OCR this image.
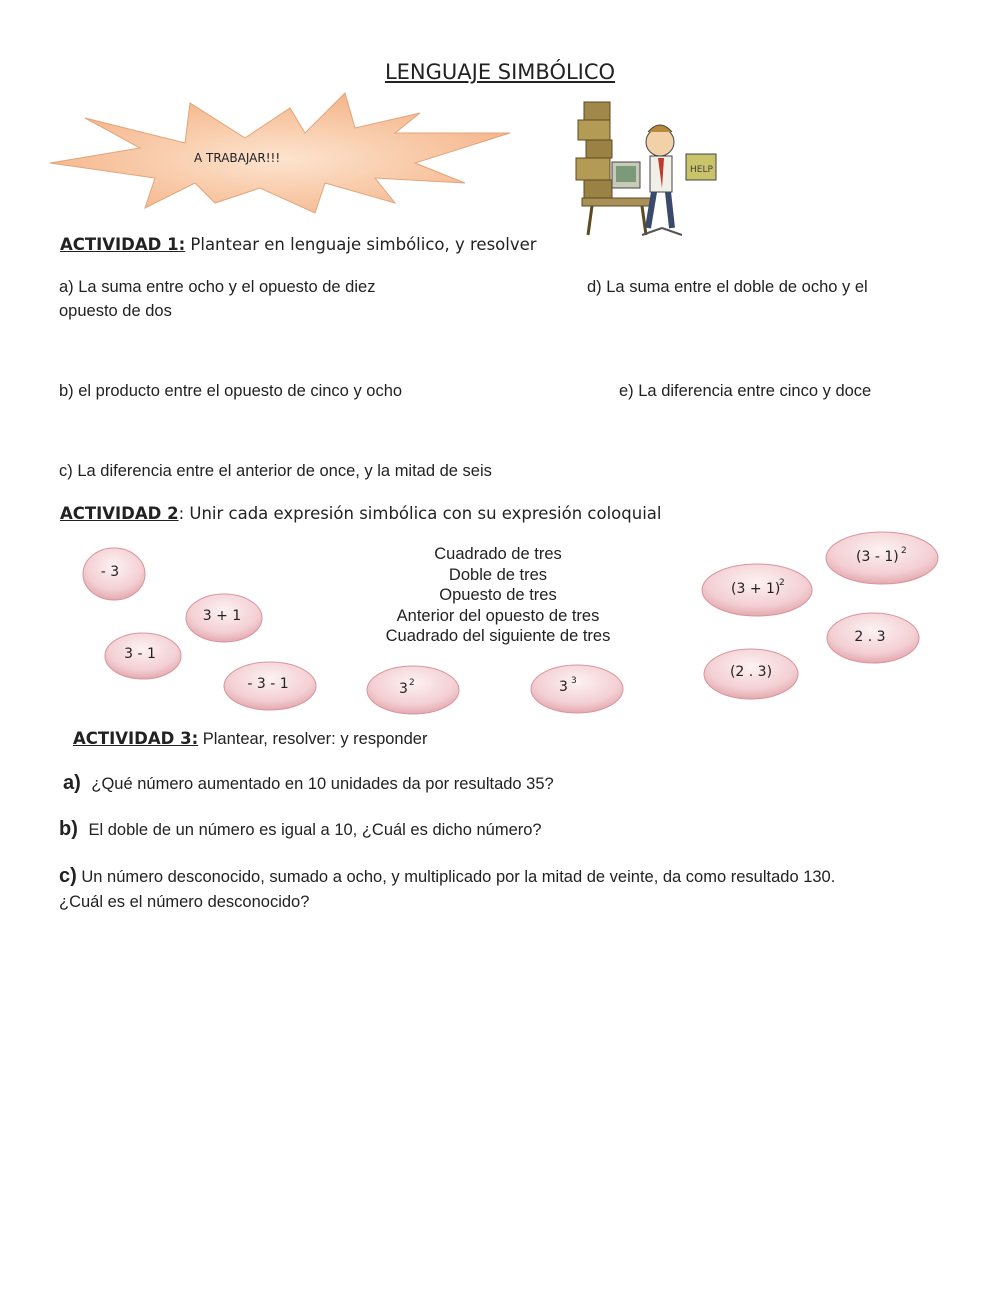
LENGUAJE SIMBÓLICO
A TRABAJAR!!!
HELP
ACTIVIDAD 1: Plantear en lenguaje simbólico, y resolver
a) La suma entre ocho y el opuesto de diez	d) La suma entre el doble de ocho y el
opuesto de dos
b) el producto entre el opuesto de cinco y ocho	e) La diferencia entre cinco y doce
c) La diferencia entre el anterior de once, y la mitad de seis
ACTIVIDAD 2: Unir cada expresión simbólica con su expresión coloquial
Cuadrado de tres
Doble de tres
Opuesto de tres
Anterior del opuesto de tres
Cuadrado del siguiente de tres
- 3
3 + 1
3 - 1
- 3 - 1	3 2	3 3
(3 + 1)
2
(3 - 1) 2
2 . 3
(2 . 3)
ACTIVIDAD 3: Plantear, resolver: y responder
a) ¿Qué número aumentado en 10 unidades da por resultado 35?
b) El doble de un número es igual a 10, ¿Cuál es dicho número?
c) Un número desconocido, sumado a ocho, y multiplicado por la mitad de veinte, da como resultado 130.
¿Cuál es el número desconocido?
